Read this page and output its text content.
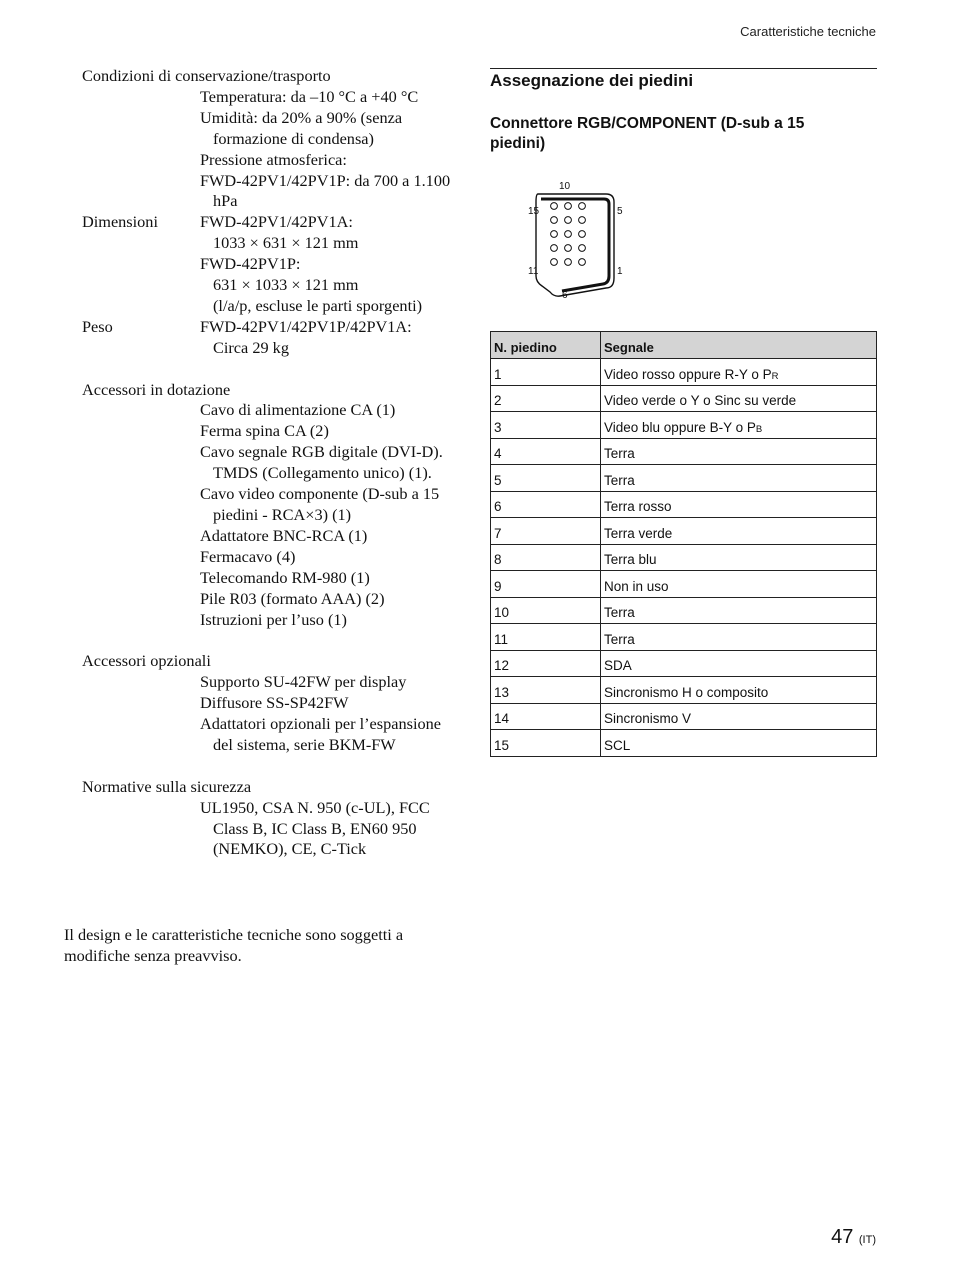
Caratteristiche tecniche
Condizioni di conservazione/trasporto
Temperatura: da –10 °C a +40 °C
Umidità: da 20% a 90% (senza formazione di condensa)
Pressione atmosferica:
FWD-42PV1/42PV1P: da 700 a 1.100 hPa
Dimensioni	FWD-42PV1/42PV1A:
1033 × 631 × 121 mm
FWD-42PV1P:
631 × 1033 × 121 mm
(l/a/p, escluse le parti sporgenti)
Peso	FWD-42PV1/42PV1P/42PV1A:
Circa 29 kg
Accessori in dotazione
Cavo di alimentazione CA (1)
Ferma spina CA (2)
Cavo segnale RGB digitale (DVI-D). TMDS (Collegamento unico) (1).
Cavo video componente (D-sub a 15 piedini - RCA×3) (1)
Adattatore BNC-RCA (1)
Fermacavo (4)
Telecomando RM-980 (1)
Pile R03 (formato AAA) (2)
Istruzioni per l’uso (1)
Accessori opzionali
Supporto SU-42FW per display
Diffusore SS-SP42FW
Adattatori opzionali per l’espansione del sistema, serie BKM-FW
Normative sulla sicurezza
UL1950, CSA N. 950 (c-UL), FCC Class B, IC Class B, EN60 950 (NEMKO), CE, C-Tick
Il design e le caratteristiche tecniche sono soggetti a modifiche senza preavviso.
Assegnazione dei piedini
Connettore RGB/COMPONENT (D-sub a 15 piedini)
10
15	5
11	1
6
N. piedino	Segnale
1	Video rosso oppure R-Y o PR
2	Video verde o Y o Sinc su verde
3	Video blu oppure B-Y o PB
4	Terra
5	Terra
6	Terra rosso
7	Terra verde
8	Terra blu
9	Non in uso
10	Terra
11	Terra
12	SDA
13	Sincronismo H o composito
14	Sincronismo V
15	SCL
47 (IT)
